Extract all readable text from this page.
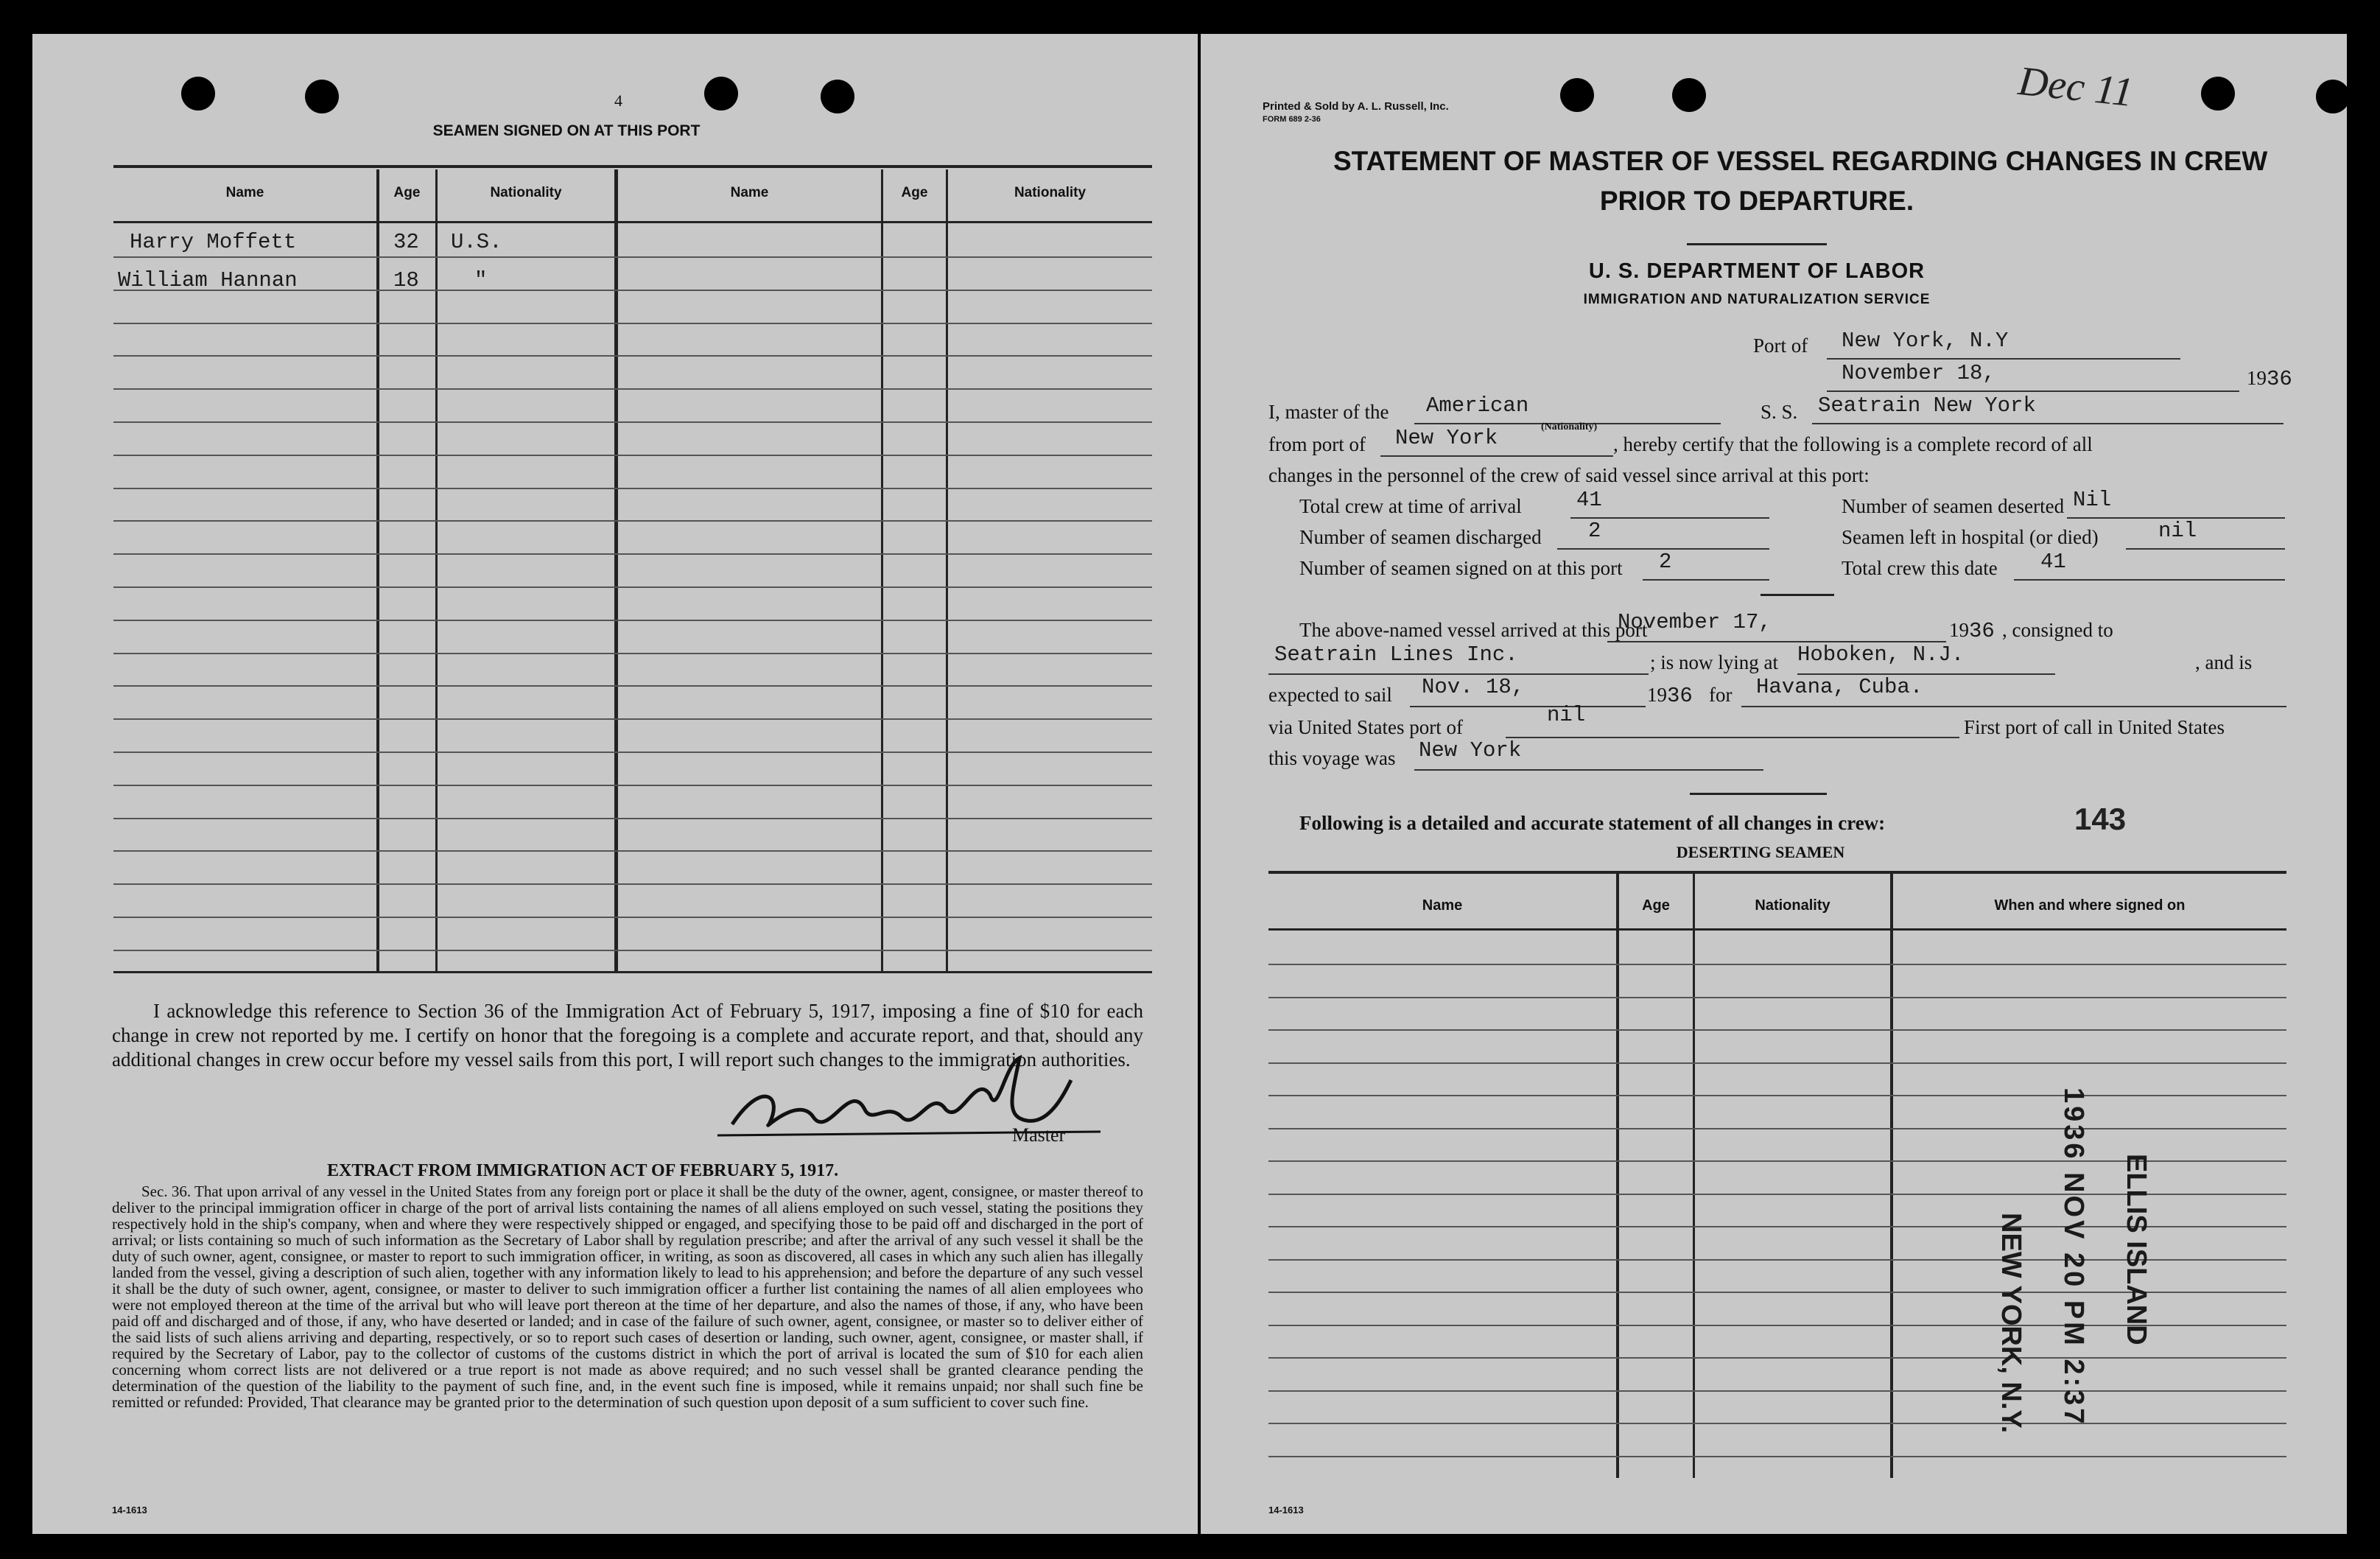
4
SEAMEN SIGNED ON AT THIS PORT
Name	Age	Nationality	Name	Age	Nationality
Harry Moffett	32 U.S.
William Hannan	18	"
I acknowledge this reference to Section 36 of the Immigration Act of February 5, 1917, imposing a fine of $10 for each change in crew not reported by me. I certify on honor that the foregoing is a complete and accurate report, and that, should any additional changes in crew occur before my vessel sails from this port, I will report such changes to the immigration authorities.
Master
EXTRACT FROM IMMIGRATION ACT OF FEBRUARY 5, 1917.
Sec. 36. That upon arrival of any vessel in the United States from any foreign port or place it shall be the duty of the owner, agent, consignee, or master thereof to deliver to the principal immigration officer in charge of the port of arrival lists containing the names of all aliens employed on such vessel, stating the positions they respectively hold in the ship's company, when and where they were respectively shipped or engaged, and specifying those to be paid off and discharged in the port of arrival; or lists containing so much of such information as the Secretary of Labor shall by regulation prescribe; and after the arrival of any such vessel it shall be the duty of such owner, agent, consignee, or master to report to such immigration officer, in writing, as soon as discovered, all cases in which any such alien has illegally landed from the vessel, giving a description of such alien, together with any information likely to lead to his apprehension; and before the departure of any such vessel it shall be the duty of such owner, agent, consignee, or master to deliver to such immigration officer a further list containing the names of all alien employees who were not employed thereon at the time of the arrival but who will leave port thereon at the time of her departure, and also the names of those, if any, who have been paid off and discharged and of those, if any, who have deserted or landed; and in case of the failure of such owner, agent, consignee, or master so to deliver either of the said lists of such aliens arriving and departing, respectively, or so to report such cases of desertion or landing, such owner, agent, consignee, or master shall, if required by the Secretary of Labor, pay to the collector of customs of the customs district in which the port of arrival is located the sum of $10 for each alien concerning whom correct lists are not delivered or a true report is not made as above required; and no such vessel shall be granted clearance pending the determination of the question of the liability to the payment of such fine, and, in the event such fine is imposed, while it remains unpaid; nor shall such fine be remitted or refunded: Provided, That clearance may be granted prior to the determination of such question upon deposit of a sum sufficient to cover such fine.
14-1613
Printed & Sold by A. L. Russell, Inc.
FORM 689 2-36
Dec 11
STATEMENT OF MASTER OF VESSEL REGARDING CHANGES IN CREW
PRIOR TO DEPARTURE.
U. S. DEPARTMENT OF LABOR
IMMIGRATION AND NATURALIZATION SERVICE
Port of New York, N.Y
November 18,	1936
I, master of the American
(Nationality)
S. S. Seatrain New York
from port of New York	, hereby certify that the following is a complete record of all
changes in the personnel of the crew of said vessel since arrival at this port:
Total crew at time of arrival	41
Number of seamen discharged 2
Number of seamen signed on at this port 2
Number of seamen deserted Nil
Seamen left in hospital (or died)	nil
Total crew this date 41
The above-named vessel arrived at this port
November 17,	1936 , consigned to
Seatrain Lines Inc.	; is now lying at Hoboken, N.J.	, and is
expected to sail Nov. 18,	1936 for Havana, Cuba.
via United States port of	nil	First port of call in United States
this voyage was New York
Following is a detailed and accurate statement of all changes in crew:	143
DESERTING SEAMEN
Name	Age	Nationality	When and where signed on
ELLIS ISLAND
1936 NOV 20 PM 2:37
NEW YORK, N.Y.
14-1613
